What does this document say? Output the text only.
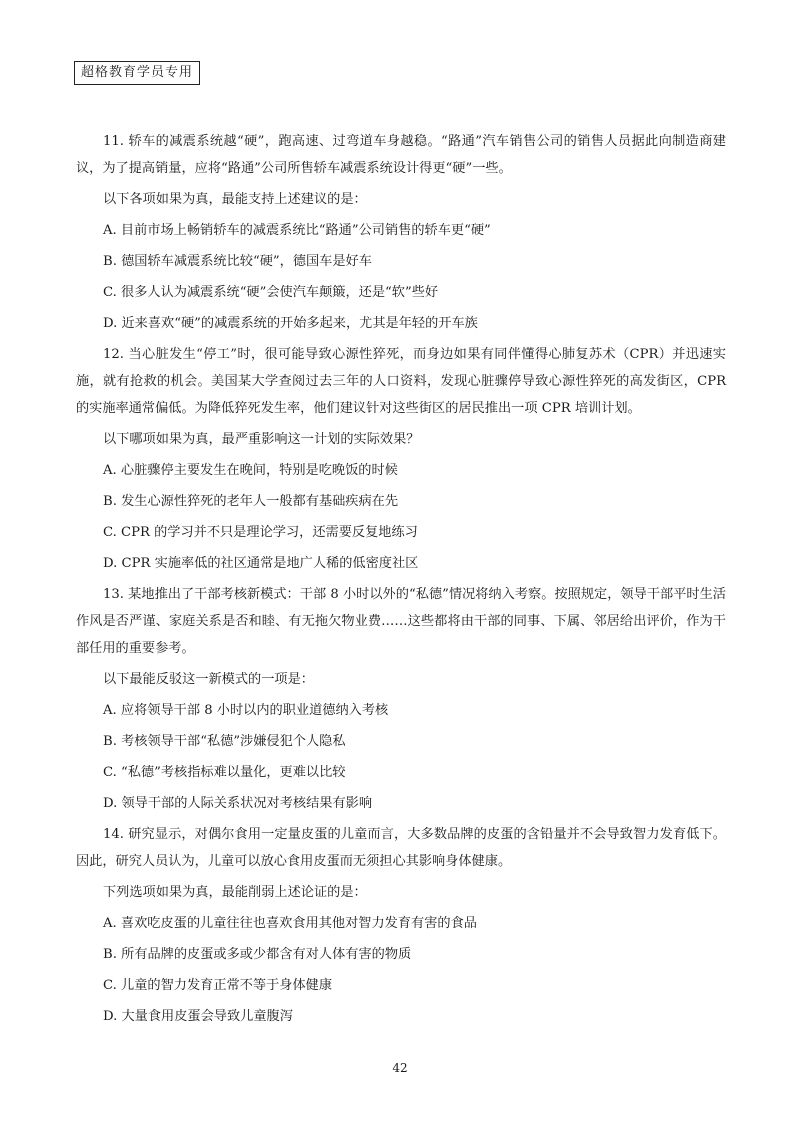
超格教育学员专用

11. 轿车的减震系统越“硬”，跑高速、过弯道车身越稳。“路通”汽车销售公司的销售人员据此向制造商建议，为了提高销量，应将“路通”公司所售轿车减震系统设计得更“硬”一些。

以下各项如果为真，最能支持上述建议的是：

A. 目前市场上畅销轿车的减震系统比“路通”公司销售的轿车更“硬”

B. 德国轿车减震系统比较“硬”，德国车是好车

C. 很多人认为减震系统“硬”会使汽车颠簸，还是“软”些好

D. 近来喜欢“硬”的减震系统的开始多起来，尤其是年轻的开车族

12. 当心脏发生“停工”时，很可能导致心源性猝死，而身边如果有同伴懂得心肺复苏术（CPR）并迅速实施，就有抢救的机会。美国某大学查阅过去三年的人口资料，发现心脏骤停导致心源性猝死的高发街区，CPR 的实施率通常偏低。为降低猝死发生率，他们建议针对这些街区的居民推出一项 CPR 培训计划。

以下哪项如果为真，最严重影响这一计划的实际效果？

A. 心脏骤停主要发生在晚间，特别是吃晚饭的时候

B. 发生心源性猝死的老年人一般都有基础疾病在先

C. CPR 的学习并不只是理论学习，还需要反复地练习

D. CPR 实施率低的社区通常是地广人稀的低密度社区

13. 某地推出了干部考核新模式：干部 8 小时以外的“私德”情况将纳入考察。按照规定，领导干部平时生活作风是否严谨、家庭关系是否和睦、有无拖欠物业费……这些都将由干部的同事、下属、邻居给出评价，作为干部任用的重要参考。

以下最能反驳这一新模式的一项是：

A. 应将领导干部 8 小时以内的职业道德纳入考核

B. 考核领导干部“私德”涉嫌侵犯个人隐私

C. “私德”考核指标难以量化，更难以比较

D. 领导干部的人际关系状况对考核结果有影响

14. 研究显示，对偶尔食用一定量皮蛋的儿童而言，大多数品牌的皮蛋的含铅量并不会导致智力发育低下。因此，研究人员认为，儿童可以放心食用皮蛋而无须担心其影响身体健康。

下列选项如果为真，最能削弱上述论证的是：

A. 喜欢吃皮蛋的儿童往往也喜欢食用其他对智力发育有害的食品

B. 所有品牌的皮蛋或多或少都含有对人体有害的物质

C. 儿童的智力发育正常不等于身体健康

D. 大量食用皮蛋会导致儿童腹泻

42
